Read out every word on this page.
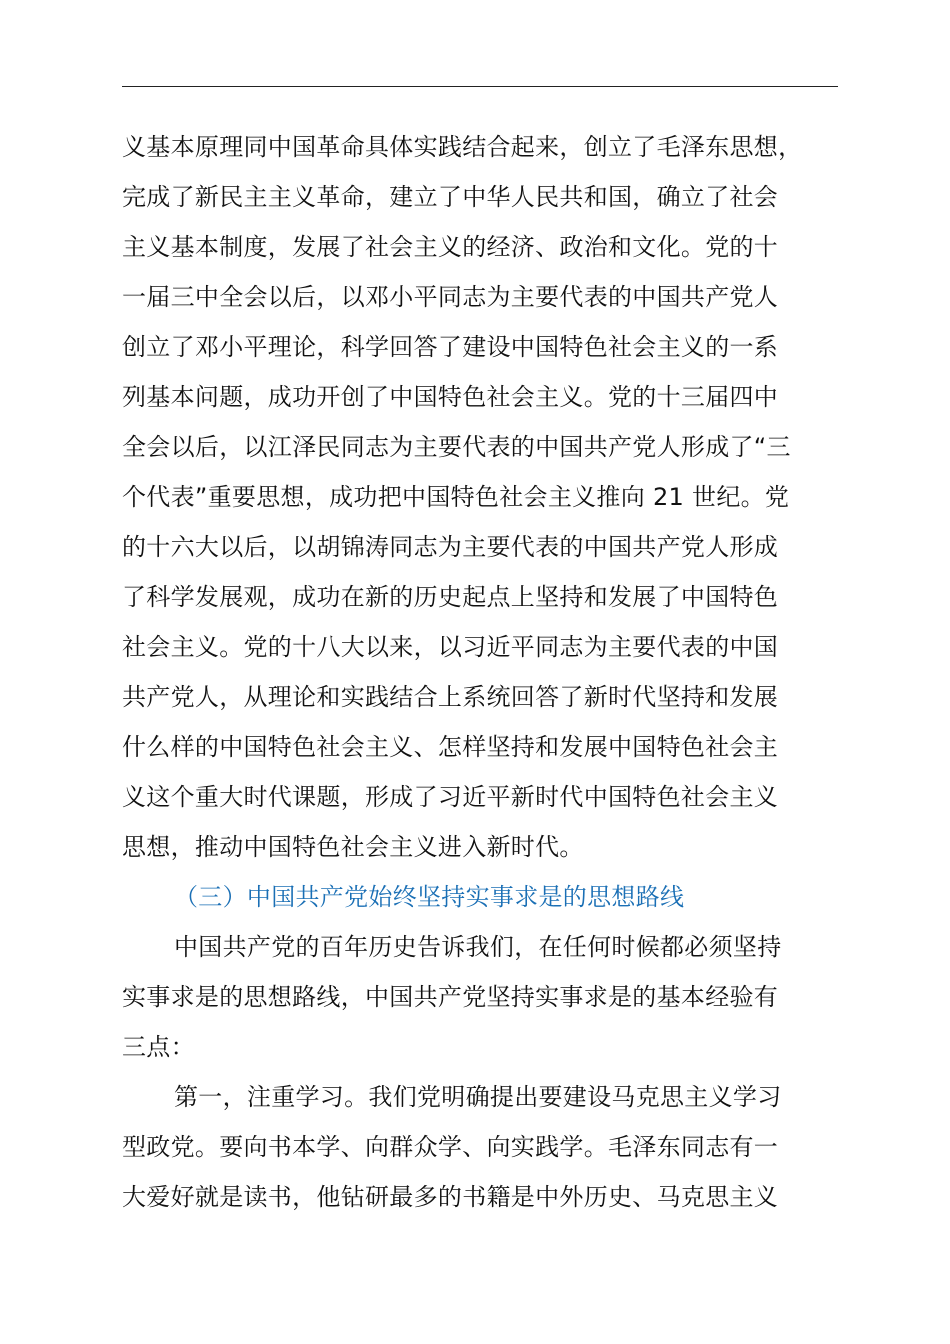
义基本原理同中国革命具体实践结合起来，创立了毛泽东思想，
完成了新民主主义革命，建立了中华人民共和国，确立了社会
主义基本制度，发展了社会主义的经济、政治和文化。党的十
一届三中全会以后，以邓小平同志为主要代表的中国共产党人
创立了邓小平理论，科学回答了建设中国特色社会主义的一系
列基本问题，成功开创了中国特色社会主义。党的十三届四中
全会以后，以江泽民同志为主要代表的中国共产党人形成了“三
个代表”重要思想，成功把中国特色社会主义推向 21 世纪。党
的十六大以后，以胡锦涛同志为主要代表的中国共产党人形成
了科学发展观，成功在新的历史起点上坚持和发展了中国特色
社会主义。党的十八大以来，以习近平同志为主要代表的中国
共产党人，从理论和实践结合上系统回答了新时代坚持和发展
什么样的中国特色社会主义、怎样坚持和发展中国特色社会主
义这个重大时代课题，形成了习近平新时代中国特色社会主义
思想，推动中国特色社会主义进入新时代。
（三）中国共产党始终坚持实事求是的思想路线
中国共产党的百年历史告诉我们，在任何时候都必须坚持
实事求是的思想路线，中国共产党坚持实事求是的基本经验有
三点：
第一，注重学习。我们党明确提出要建设马克思主义学习
型政党。要向书本学、向群众学、向实践学。毛泽东同志有一
大爱好就是读书，他钻研最多的书籍是中外历史、马克思主义
